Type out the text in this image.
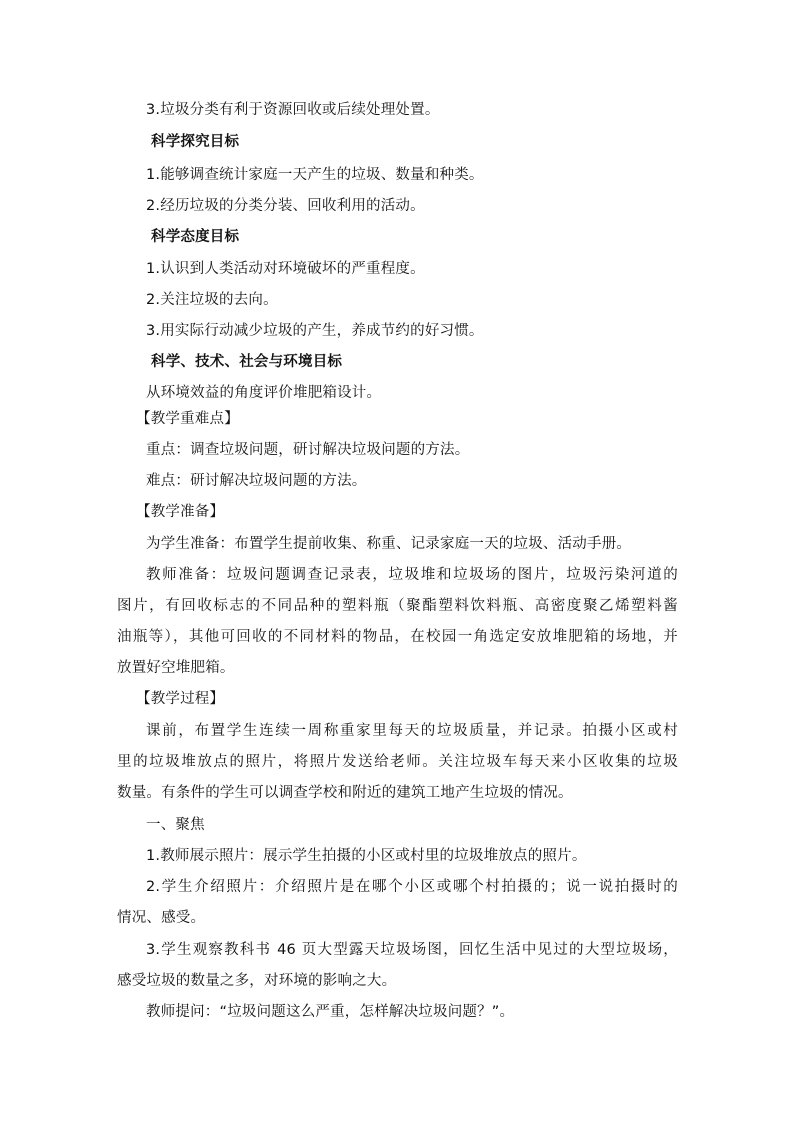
3.垃圾分类有利于资源回收或后续处理处置。
科学探究目标
1.能够调查统计家庭一天产生的垃圾、数量和种类。
2.经历垃圾的分类分装、回收利用的活动。
科学态度目标
1.认识到人类活动对环境破坏的严重程度。
2.关注垃圾的去向。
3.用实际行动减少垃圾的产生，养成节约的好习惯。
科学、技术、社会与环境目标
从环境效益的角度评价堆肥箱设计。
【教学重难点】
重点：调查垃圾问题，研讨解决垃圾问题的方法。
难点：研讨解决垃圾问题的方法。
【教学准备】
为学生准备：布置学生提前收集、称重、记录家庭一天的垃圾、活动手册。
教师准备：垃圾问题调查记录表，垃圾堆和垃圾场的图片，垃圾污染河道的
图片，有回收标志的不同品种的塑料瓶（聚酯塑料饮料瓶、高密度聚乙烯塑料酱
油瓶等），其他可回收的不同材料的物品，在校园一角选定安放堆肥箱的场地，并
放置好空堆肥箱。
【教学过程】
课前，布置学生连续一周称重家里每天的垃圾质量，并记录。拍摄小区或村
里的垃圾堆放点的照片，将照片发送给老师。关注垃圾车每天来小区收集的垃圾
数量。有条件的学生可以调查学校和附近的建筑工地产生垃圾的情况。
一、聚焦
1.教师展示照片：展示学生拍摄的小区或村里的垃圾堆放点的照片。
2.学生介绍照片：介绍照片是在哪个小区或哪个村拍摄的；说一说拍摄时的
情况、感受。
3.学生观察教科书 46 页大型露天垃圾场图，回忆生活中见过的大型垃圾场，
感受垃圾的数量之多，对环境的影响之大。
教师提问：“垃圾问题这么严重，怎样解决垃圾问题？”。
